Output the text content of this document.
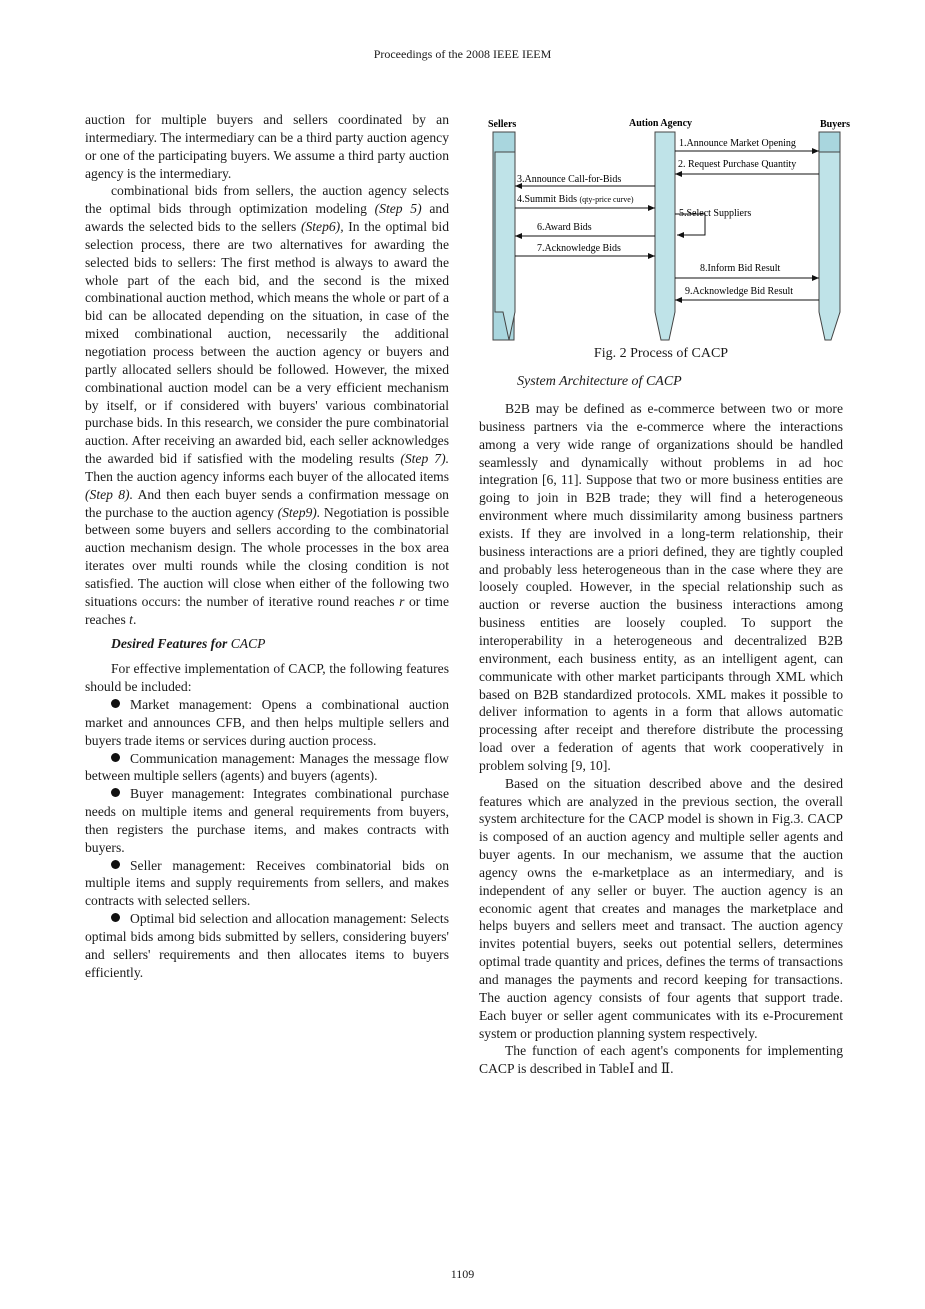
Proceedings of the 2008 IEEE IEEM

auction for multiple buyers and sellers coordinated by an intermediary. The intermediary can be a third party auction agency or one of the participating buyers. We assume a third party auction agency is the intermediary.

combinational bids from sellers, the auction agency selects the optimal bids through optimization modeling (Step 5) and awards the selected bids to the sellers (Step6), In the optimal bid selection process, there are two alternatives for awarding the selected bids to sellers: The first method is always to award the whole part of the each bid, and the second is the mixed combinational auction method, which means the whole or part of a bid can be allocated depending on the situation, in case of the mixed combinational auction, necessarily the additional negotiation process between the auction agency or buyers and partly allocated sellers should be followed. However, the mixed combinational auction model can be a very efficient mechanism by itself, or if considered with buyers' various combinatorial purchase bids. In this research, we consider the pure combinatorial auction. After receiving an awarded bid, each seller acknowledges the awarded bid if satisfied with the modeling results (Step 7). Then the auction agency informs each buyer of the allocated items (Step 8). And then each buyer sends a confirmation message on the purchase to the auction agency (Step9). Negotiation is possible between some buyers and sellers according to the combinatorial auction mechanism design. The whole processes in the box area iterates over multi rounds while the closing condition is not satisfied. The auction will close when either of the following two situations occurs: the number of iterative round reaches r or time reaches t.

Desired Features for CACP

For effective implementation of CACP, the following features should be included:

Market management: Opens a combinational auction market and announces CFB, and then helps multiple sellers and buyers trade items or services during auction process.

Communication management: Manages the message flow between multiple sellers (agents) and buyers (agents).

Buyer management: Integrates combinational purchase needs on multiple items and general requirements from buyers, then registers the purchase items, and makes contracts with buyers.

Seller management: Receives combinatorial bids on multiple items and supply requirements from sellers, and makes contracts with selected sellers.

Optimal bid selection and allocation management: Selects optimal bids among bids submitted by sellers, considering buyers' and sellers' requirements and then allocates items to buyers efficiently.

Sellers	Aution Agency	Buyers
1.Announce Market Opening
2. Request Purchase Quantity
3.Announce Call-for-Bids
4.Summit Bids (qty-price curve)
5.Select Suppliers
6.Award Bids
7.Acknowledge Bids
8.Inform Bid Result
9.Acknowledge Bid Result
Fig. 2 Process of CACP
System Architecture of CACP

B2B may be defined as e-commerce between two or more business partners via the e-commerce where the interactions among a very wide range of organizations should be handled seamlessly and dynamically without problems in ad hoc integration [6, 11]. Suppose that two or more business entities are going to join in B2B trade; they will find a heterogeneous environment where much dissimilarity among business partners exists. If they are involved in a long-term relationship, their business interactions are a priori defined, they are tightly coupled and probably less heterogeneous than in the case where they are loosely coupled. However, in the special relationship such as auction or reverse auction the business interactions among business entities are loosely coupled. To support the interoperability in a heterogeneous and decentralized B2B environment, each business entity, as an intelligent agent, can communicate with other market participants through XML which based on B2B standardized protocols. XML makes it possible to deliver information to agents in a form that allows automatic processing after receipt and therefore distribute the processing load over a federation of agents that work cooperatively in problem solving [9, 10].

Based on the situation described above and the desired features which are analyzed in the previous section, the overall system architecture for the CACP model is shown in Fig.3. CACP is composed of an auction agency and multiple seller agents and buyer agents. In our mechanism, we assume that the auction agency owns the e-marketplace as an intermediary, and is independent of any seller or buyer. The auction agency is an economic agent that creates and manages the marketplace and helps buyers and sellers meet and transact. The auction agency invites potential buyers, seeks out potential sellers, determines optimal trade quantity and prices, defines the terms of transactions and manages the payments and record keeping for transactions. The auction agency consists of four agents that support trade. Each buyer or seller agent communicates with its e-Procurement system or production planning system respectively.

The function of each agent's components for implementing CACP is described in TableⅠ and Ⅱ.

1109
